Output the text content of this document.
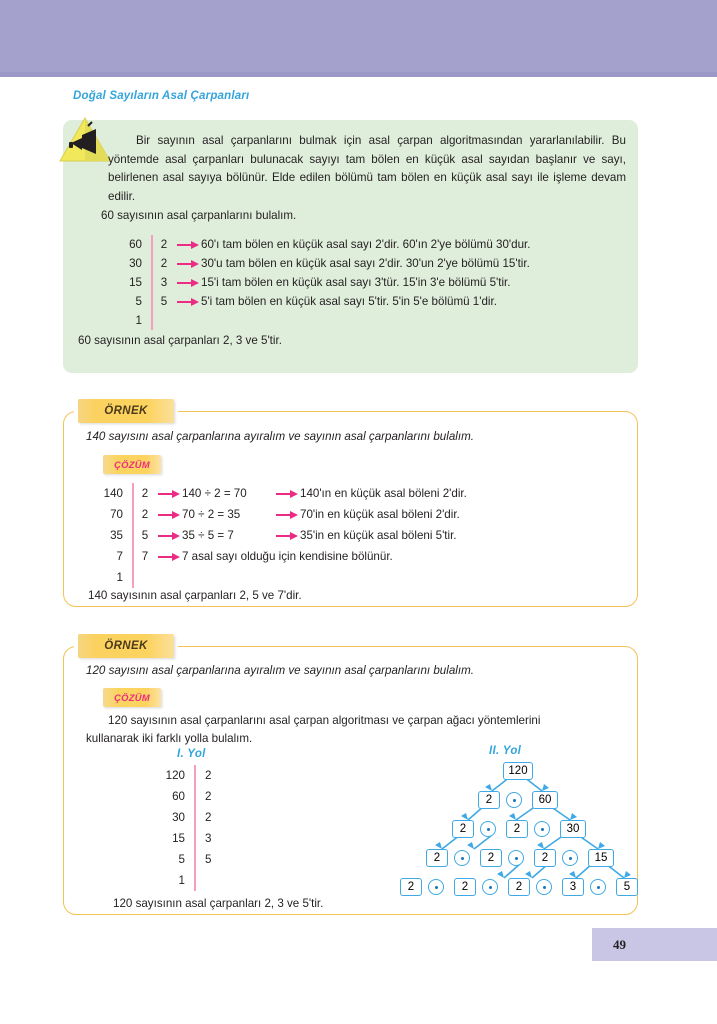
Doğal Sayıların Asal Çarpanları
Bir sayının asal çarpanlarını bulmak için asal çarpan algoritmasından yararlanılabilir. Bu yöntemde asal çarpanları bulunacak sayıyı tam bölen en küçük asal sayıdan başlanır ve sayı, belirlenen asal sayıya bölünür. Elde edilen bölümü tam bölen en küçük asal sayı ile işleme devam edilir.
60 sayısının asal çarpanlarını bulalım.
60	2	60'ı tam bölen en küçük asal sayı 2'dir. 60'ın 2'ye bölümü 30'dur.
30	2	30'u tam bölen en küçük asal sayı 2'dir. 30'un 2'ye bölümü 15'tir.
15	3	15'i tam bölen en küçük asal sayı 3'tür. 15'in 3'e bölümü 5'tir.
5	5	5'i tam bölen en küçük asal sayı 5'tir. 5'in 5'e bölümü 1'dir.
1
60 sayısının asal çarpanları 2, 3 ve 5'tir.
ÖRNEK
140 sayısını asal çarpanlarına ayıralım ve sayının asal çarpanlarını bulalım.
ÇÖZÜM
140	2	140 ÷ 2 = 70	140'ın en küçük asal böleni 2'dir.
70	2	70 ÷ 2 = 35	70'in en küçük asal böleni 2'dir.
35	5	35 ÷ 5 = 7	35'in en küçük asal böleni 5'tir.
7	7	7 asal sayı olduğu için kendisine bölünür.
1
140 sayısının asal çarpanları 2, 5 ve 7'dir.
ÖRNEK
120 sayısını asal çarpanlarına ayıralım ve sayının asal çarpanlarını bulalım.
ÇÖZÜM
120 sayısının asal çarpanlarını asal çarpan algoritması ve çarpan ağacı yöntemlerini kullanarak iki farklı yolla bulalım.
I. Yol
120	2
60	2
30	2
15	3
5	5
1
II. Yol
120
2	60
2	2	30
2	2	2	15
2	2	2	3	5
120 sayısının asal çarpanları 2, 3 ve 5'tir.
49
